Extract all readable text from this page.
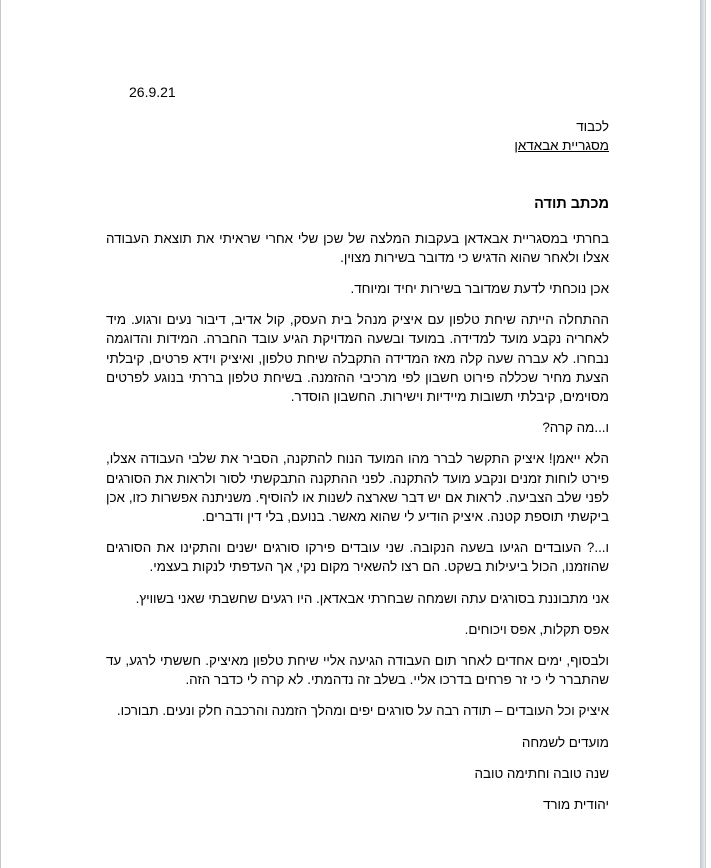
26.9.21

לכבוד

מסגריית אבאדאן

מכתב תודה

בחרתי במסגריית אבאדאן בעקבות המלצה של שכן שלי אחרי שראיתי את תוצאת העבודה אצלו ולאחר שהוא הדגיש כי מדובר בשירות מצוין.

אכן נוכחתי לדעת שמדובר בשירות יחיד ומיוחד.

ההתחלה הייתה שיחת טלפון עם איציק מנהל בית העסק, קול אדיב, דיבור נעים ורגוע. מיד לאחריה נקבע מועד למדידה. במועד ובשעה המדויקת הגיע עובד החברה. המידות והדוגמה נבחרו. לא עברה שעה קלה מאז המדידה התקבלה שיחת טלפון, ואיציק וידא פרטים, קיבלתי הצעת מחיר שכללה פירוט חשבון לפי מרכיבי ההזמנה. בשיחת טלפון בררתי בנוגע לפרטים מסוימים, קיבלתי תשובות מיידיות וישירות. החשבון הוסדר.

ו...מה קרה?

הלא ייאמן! איציק התקשר לברר מהו המועד הנוח להתקנה, הסביר את שלבי העבודה אצלו, פירט לוחות זמנים ונקבע מועד להתקנה. לפני ההתקנה התבקשתי לסור ולראות את הסורגים לפני שלב הצביעה. לראות אם יש דבר שארצה לשנות או להוסיף. משניתנה אפשרות כזו, אכן ביקשתי תוספת קטנה. איציק הודיע לי שהוא מאשר. בנועם, בלי דין ודברים.

ו...? העובדים הגיעו בשעה הנקובה. שני עובדים פירקו סורגים ישנים והתקינו את הסורגים שהוזמנו, הכול ביעילות בשקט. הם רצו להשאיר מקום נקי, אך העדפתי לנקות בעצמי.

אני מתבוננת בסורגים עתה ושמחה שבחרתי אבאדאן. היו רגעים שחשבתי שאני בשוויץ.

אפס תקלות, אפס ויכוחים.

ולבסוף, ימים אחדים לאחר תום העבודה הגיעה אליי שיחת טלפון מאיציק. חששתי לרגע, עד שהתברר לי כי זר פרחים בדרכו אליי. בשלב זה נדהמתי. לא קרה לי כדבר הזה.

איציק וכל העובדים – תודה רבה על סורגים יפים ומהלך הזמנה והרכבה חלק ונעים. תבורכו.

מועדים לשמחה

שנה טובה וחתימה טובה

יהודית מורד
